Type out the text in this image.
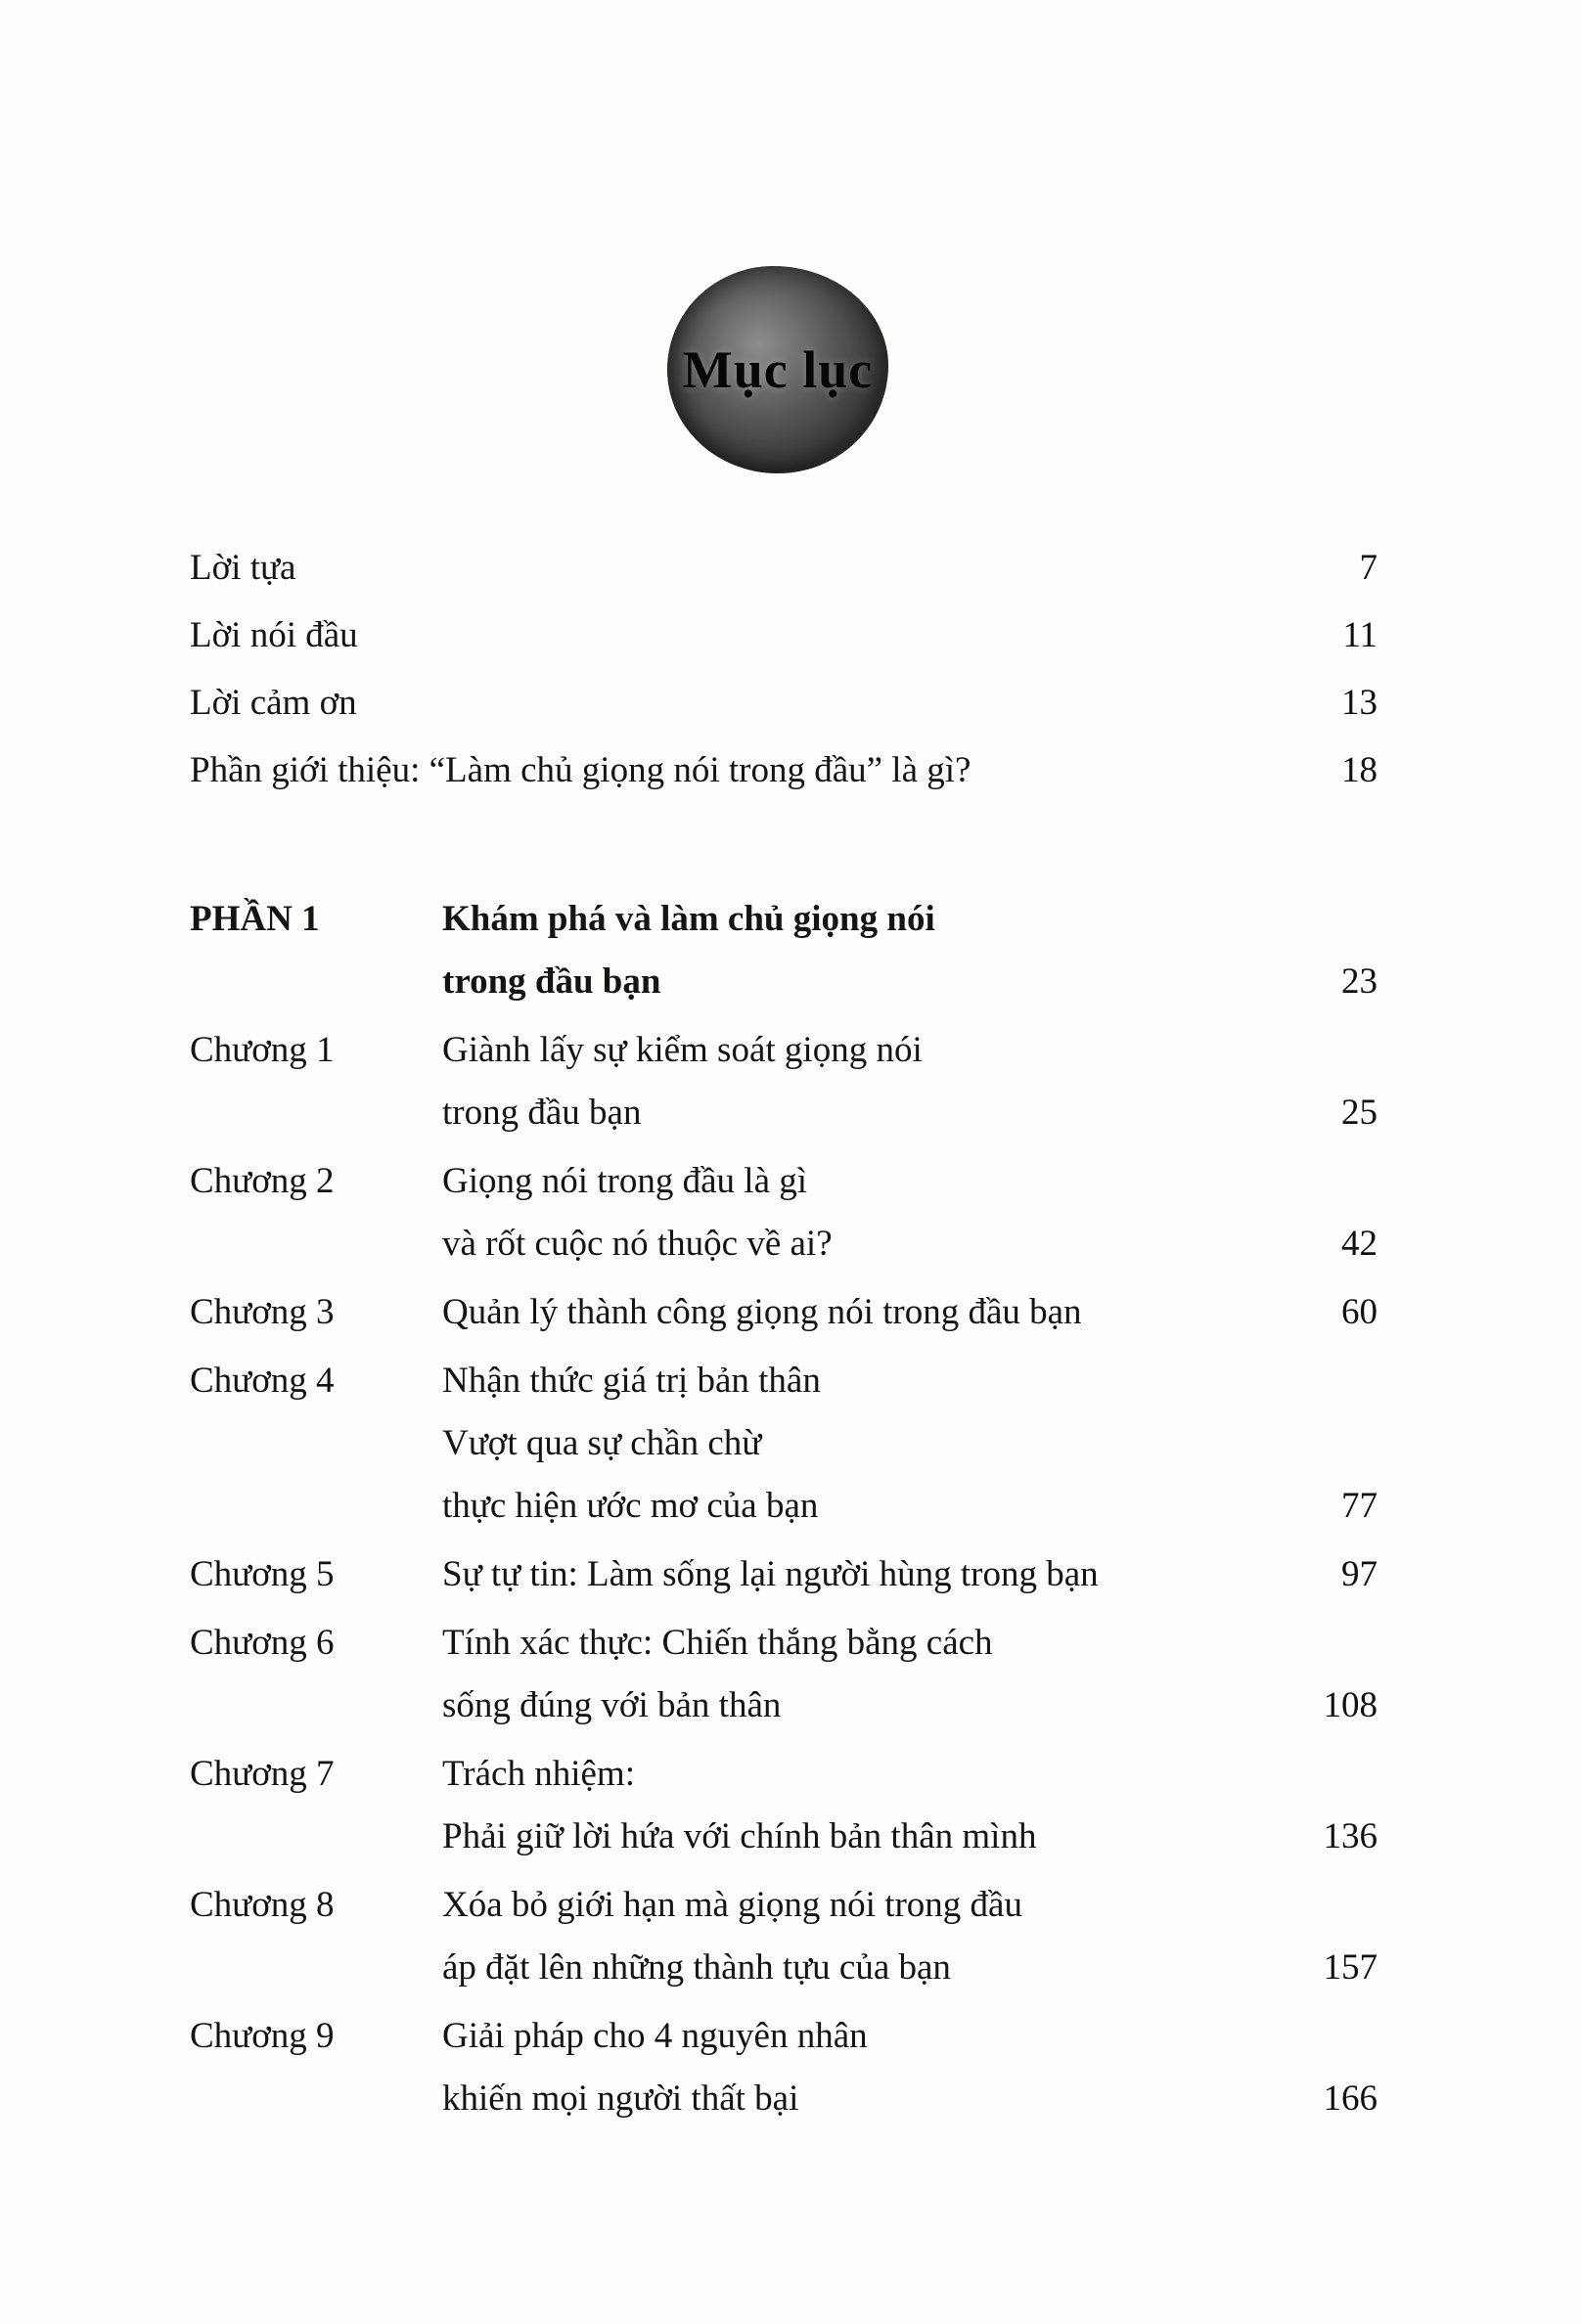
Mục lục
Lời tựa	7
Lời nói đầu	11
Lời cảm ơn	13
Phần giới thiệu: “Làm chủ giọng nói trong đầu” là gì?	18
PHẦN 1	Khám phá và làm chủ giọng nói
trong đầu bạn	23
Chương 1	Giành lấy sự kiểm soát giọng nói
trong đầu bạn	25
Chương 2	Giọng nói trong đầu là gì
và rốt cuộc nó thuộc về ai?	42
Chương 3	Quản lý thành công giọng nói trong đầu bạn	60
Chương 4	Nhận thức giá trị bản thân
Vượt qua sự chần chừ
thực hiện ước mơ của bạn	77
Chương 5	Sự tự tin: Làm sống lại người hùng trong bạn	97
Chương 6	Tính xác thực: Chiến thắng bằng cách
sống đúng với bản thân	108
Chương 7	Trách nhiệm:
Phải giữ lời hứa với chính bản thân mình	136
Chương 8	Xóa bỏ giới hạn mà giọng nói trong đầu
áp đặt lên những thành tựu của bạn	157
Chương 9	Giải pháp cho 4 nguyên nhân
khiến mọi người thất bại	166
